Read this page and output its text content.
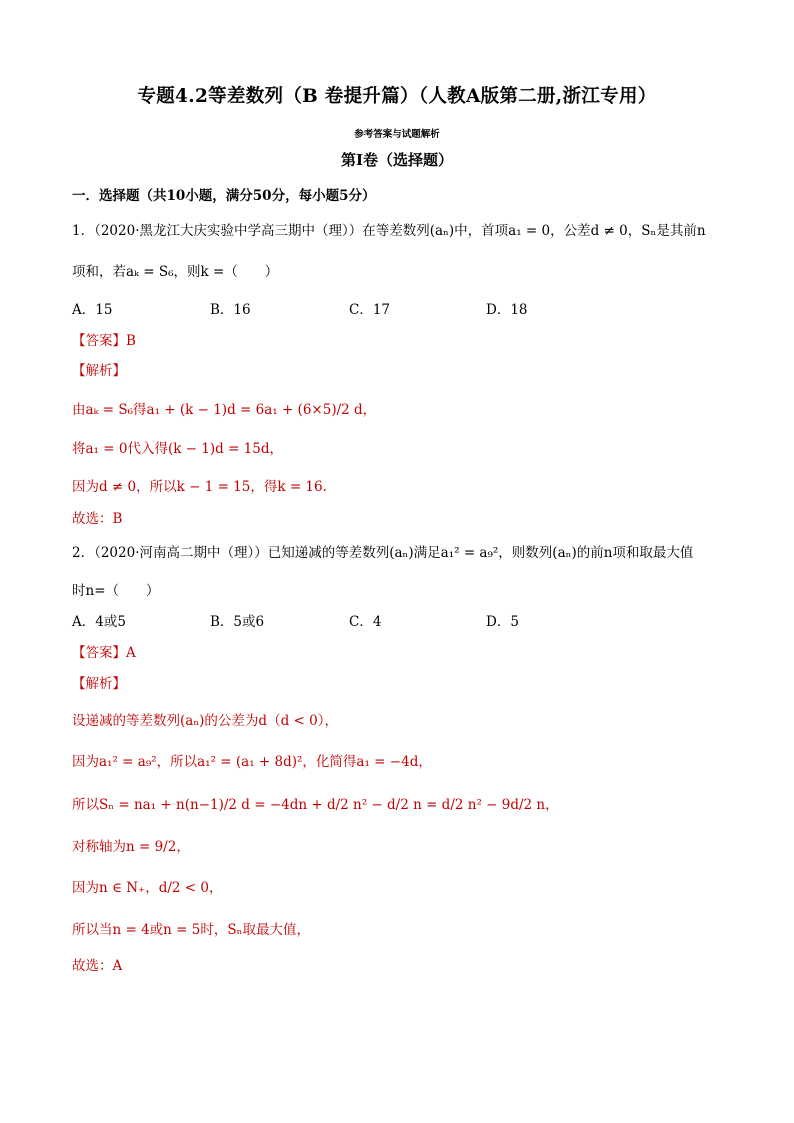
专题4.2等差数列（B 卷提升篇）（人教A版第二册,浙江专用）
参考答案与试题解析
第Ⅰ卷（选择题）
一．选择题（共10小题，满分50分，每小题5分）
1．（2020·黑龙江大庆实验中学高三期中（理））在等差数列(aₙ)中，首项a₁ = 0，公差d ≠ 0，Sₙ是其前n
项和，若aₖ = S₆，则k =（　　）
A．15	B．16	C．17	D．18
【答案】B
【解析】
由aₖ = S₆得a₁ + (k − 1)d = 6a₁ + (6×5)/2 d，
将a₁ = 0代入得(k − 1)d = 15d，
因为d ≠ 0，所以k − 1 = 15，得k = 16.
故选：B
2．（2020·河南高二期中（理））已知递减的等差数列(aₙ)满足a₁² = a₉²，则数列(aₙ)的前n项和取最大值
时n=（　　）
A．4或5	B．5或6	C．4	D．5
【答案】A
【解析】
设递减的等差数列(aₙ)的公差为d（d < 0），
因为a₁² = a₉²，所以a₁² = (a₁ + 8d)²，化简得a₁ = −4d，
所以Sₙ = na₁ + n(n−1)/2 d = −4dn + d/2 n² − d/2 n = d/2 n² − 9d/2 n，
对称轴为n = 9/2，
因为n ∈ N₊，d/2 < 0，
所以当n = 4或n = 5时，Sₙ取最大值，
故选：A
